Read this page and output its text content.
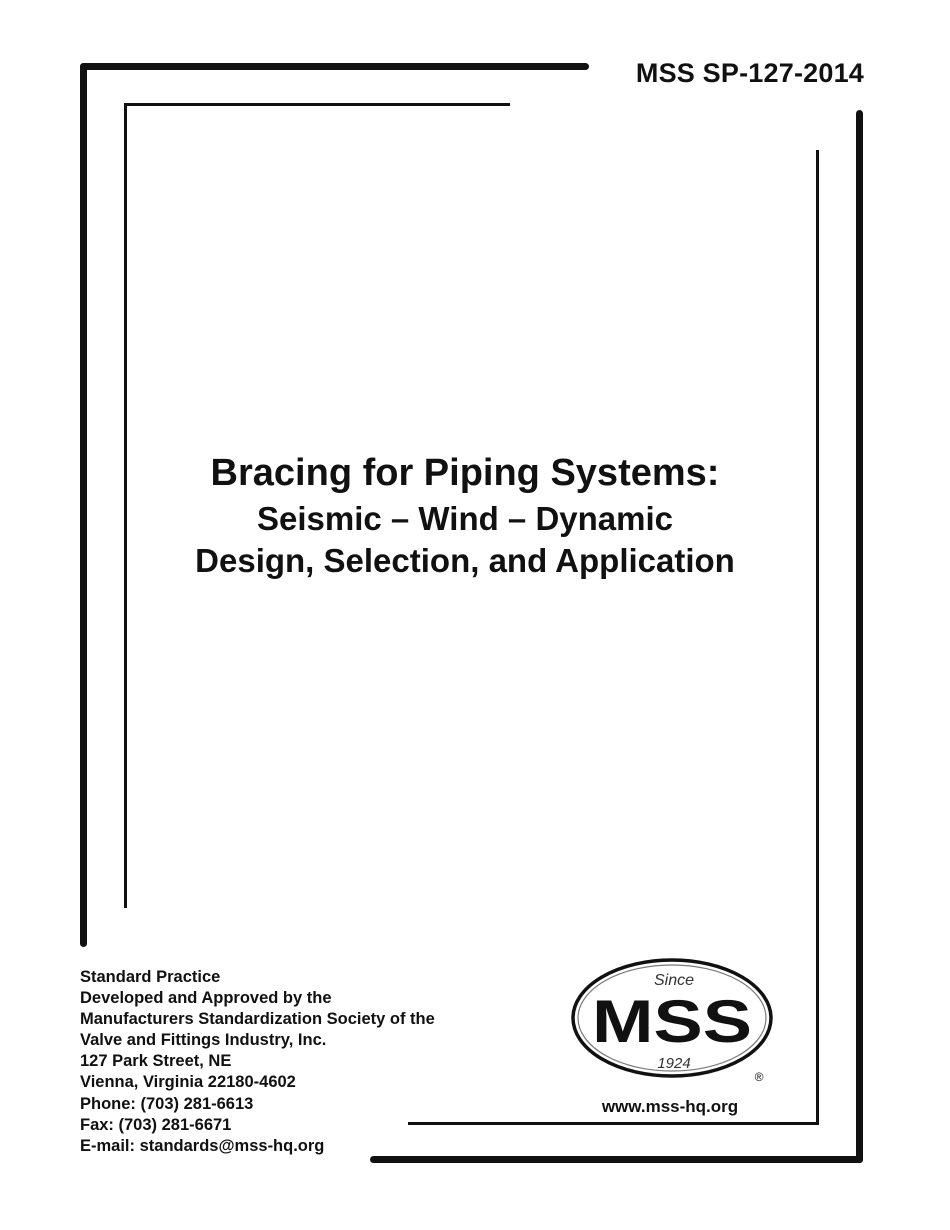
MSS SP-127-2014
Bracing for Piping Systems:
Seismic – Wind – Dynamic
Design, Selection, and Application
Standard Practice
Developed and Approved by the
Manufacturers Standardization Society of the
Valve and Fittings Industry, Inc.
127 Park Street, NE
Vienna, Virginia 22180-4602
Phone: (703) 281-6613
Fax: (703) 281-6671
E-mail: standards@mss-hq.org
Since
MSS
1924
®
www.mss-hq.org
